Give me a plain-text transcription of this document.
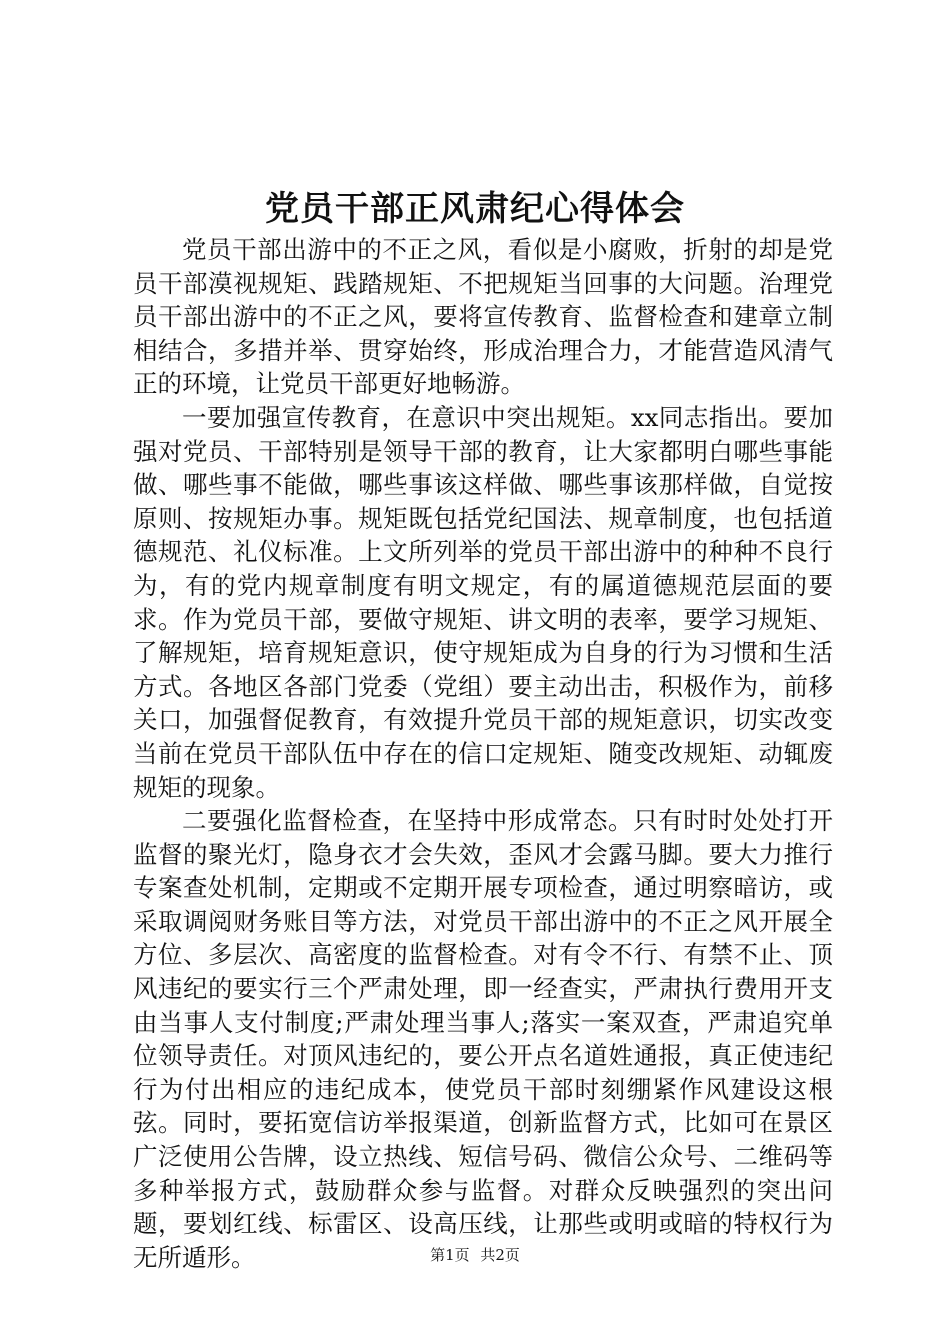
党员干部正风肃纪心得体会

党员干部出游中的不正之风，看似是小腐败，折射的却是党员干部漠视规矩、践踏规矩、不把规矩当回事的大问题。治理党员干部出游中的不正之风，要将宣传教育、监督检查和建章立制相结合，多措并举、贯穿始终，形成治理合力，才能营造风清气正的环境，让党员干部更好地畅游。

一要加强宣传教育，在意识中突出规矩。xx同志指出。要加强对党员、干部特别是领导干部的教育，让大家都明白哪些事能做、哪些事不能做，哪些事该这样做、哪些事该那样做，自觉按原则、按规矩办事。规矩既包括党纪国法、规章制度，也包括道德规范、礼仪标准。上文所列举的党员干部出游中的种种不良行为，有的党内规章制度有明文规定，有的属道德规范层面的要求。作为党员干部，要做守规矩、讲文明的表率，要学习规矩、了解规矩，培育规矩意识，使守规矩成为自身的行为习惯和生活方式。各地区各部门党委（党组）要主动出击，积极作为，前移关口，加强督促教育，有效提升党员干部的规矩意识，切实改变当前在党员干部队伍中存在的信口定规矩、随变改规矩、动辄废规矩的现象。

二要强化监督检查，在坚持中形成常态。只有时时处处打开监督的聚光灯，隐身衣才会失效，歪风才会露马脚。要大力推行专案查处机制，定期或不定期开展专项检查，通过明察暗访，或采取调阅财务账目等方法，对党员干部出游中的不正之风开展全方位、多层次、高密度的监督检查。对有令不行、有禁不止、顶风违纪的要实行三个严肃处理，即一经查实，严肃执行费用开支由当事人支付制度;严肃处理当事人;落实一案双查，严肃追究单位领导责任。对顶风违纪的，要公开点名道姓通报，真正使违纪行为付出相应的违纪成本，使党员干部时刻绷紧作风建设这根弦。同时，要拓宽信访举报渠道，创新监督方式，比如可在景区广泛使用公告牌，设立热线、短信号码、微信公众号、二维码等多种举报方式，鼓励群众参与监督。对群众反映强烈的突出问题，要划红线、标雷区、设高压线，让那些或明或暗的特权行为无所遁形。	第1页 共2页
